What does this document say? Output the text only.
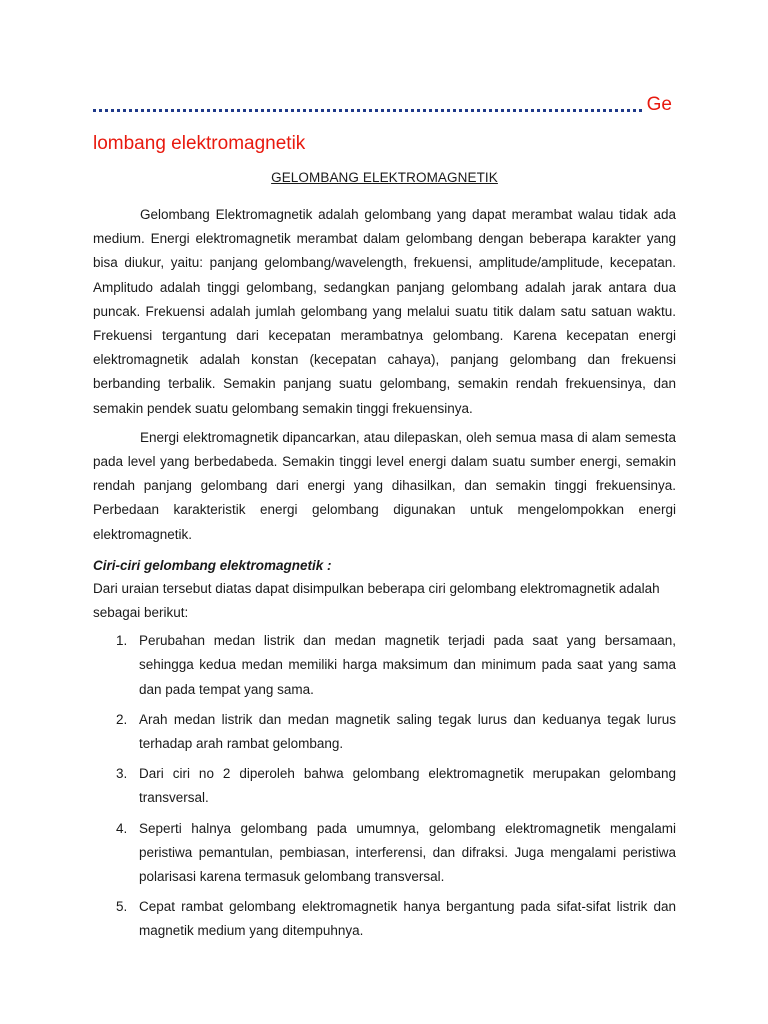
Ge
lombang elektromagnetik
GELOMBANG ELEKTROMAGNETIK

Gelombang Elektromagnetik adalah gelombang yang dapat merambat walau tidak ada medium. Energi elektromagnetik merambat dalam gelombang dengan beberapa karakter yang bisa diukur, yaitu: panjang gelombang/wavelength, frekuensi, amplitude/amplitude, kecepatan. Amplitudo adalah tinggi gelombang, sedangkan panjang gelombang adalah jarak antara dua puncak. Frekuensi adalah jumlah gelombang yang melalui suatu titik dalam satu satuan waktu. Frekuensi tergantung dari kecepatan merambatnya gelombang. Karena kecepatan energi elektromagnetik adalah konstan (kecepatan cahaya), panjang gelombang dan frekuensi berbanding terbalik. Semakin panjang suatu gelombang, semakin rendah frekuensinya, dan semakin pendek suatu gelombang semakin tinggi frekuensinya.

Energi elektromagnetik dipancarkan, atau dilepaskan, oleh semua masa di alam semesta pada level yang berbedabeda. Semakin tinggi level energi dalam suatu sumber energi, semakin rendah panjang gelombang dari energi yang dihasilkan, dan semakin tinggi frekuensinya. Perbedaan karakteristik energi gelombang digunakan untuk mengelompokkan energi elektromagnetik.

Ciri-ciri gelombang elektromagnetik :
Dari uraian tersebut diatas dapat disimpulkan beberapa ciri gelombang elektromagnetik adalah sebagai berikut:
1. Perubahan medan listrik dan medan magnetik terjadi pada saat yang bersamaan, sehingga kedua medan memiliki harga maksimum dan minimum pada saat yang sama dan pada tempat yang sama.
2. Arah medan listrik dan medan magnetik saling tegak lurus dan keduanya tegak lurus terhadap arah rambat gelombang.
3. Dari ciri no 2 diperoleh bahwa gelombang elektromagnetik merupakan gelombang transversal.
4. Seperti halnya gelombang pada umumnya, gelombang elektromagnetik mengalami peristiwa pemantulan, pembiasan, interferensi, dan difraksi. Juga mengalami peristiwa polarisasi karena termasuk gelombang transversal.
5. Cepat rambat gelombang elektromagnetik hanya bergantung pada sifat-sifat listrik dan magnetik medium yang ditempuhnya.
